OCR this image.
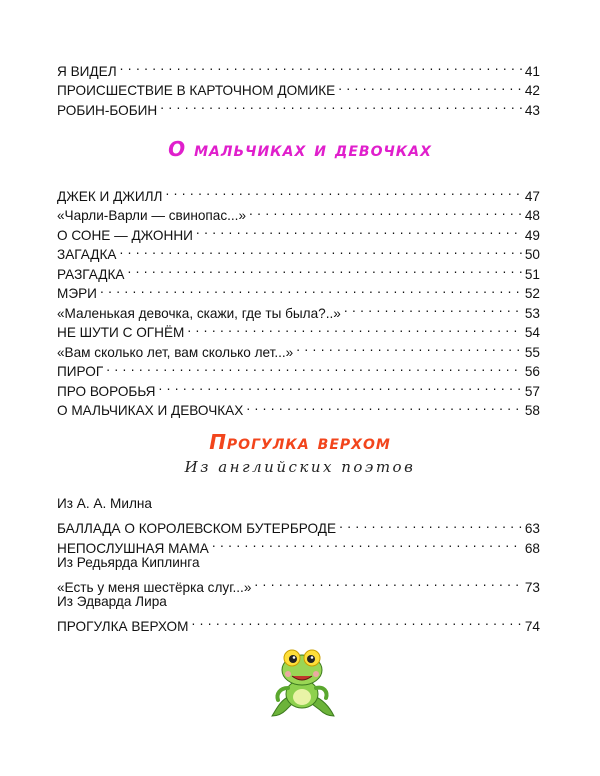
Я ВИДЕЛ . . .	41
ПРОИСШЕСТВИЕ В КАРТОЧНОМ ДОМИКЕ . . .	42
РОБИН-БОБИН . . .	43
О мальчиках и девочках
ДЖЕК И ДЖИЛЛ . . .	47
«Чарли-Варли — свинопас...» . . .	48
О СОНЕ — ДЖОННИ . . .	49
ЗАГАДКА . . .	50
РАЗГАДКА . . .	51
МЭРИ . . .	52
«Маленькая девочка, скажи, где ты была?..» . . .	53
НЕ ШУТИ С ОГНЁМ . . .	54
«Вам сколько лет, вам сколько лет...» . . .	55
ПИРОГ . . .	56
ПРО ВОРОБЬЯ . . .	57
О МАЛЬЧИКАХ И ДЕВОЧКАХ . . .	58
Прогулка верхом
Из английских поэтов
Из А. А. Милна
БАЛЛАДА О КОРОЛЕВСКОМ БУТЕРБРОДЕ . . .	63
НЕПОСЛУШНАЯ МАМА . . .	68
Из Редьярда Киплинга
«Есть у меня шестёрка слуг...» . . .	73
Из Эдварда Лира
ПРОГУЛКА ВЕРХОМ . . .	74
